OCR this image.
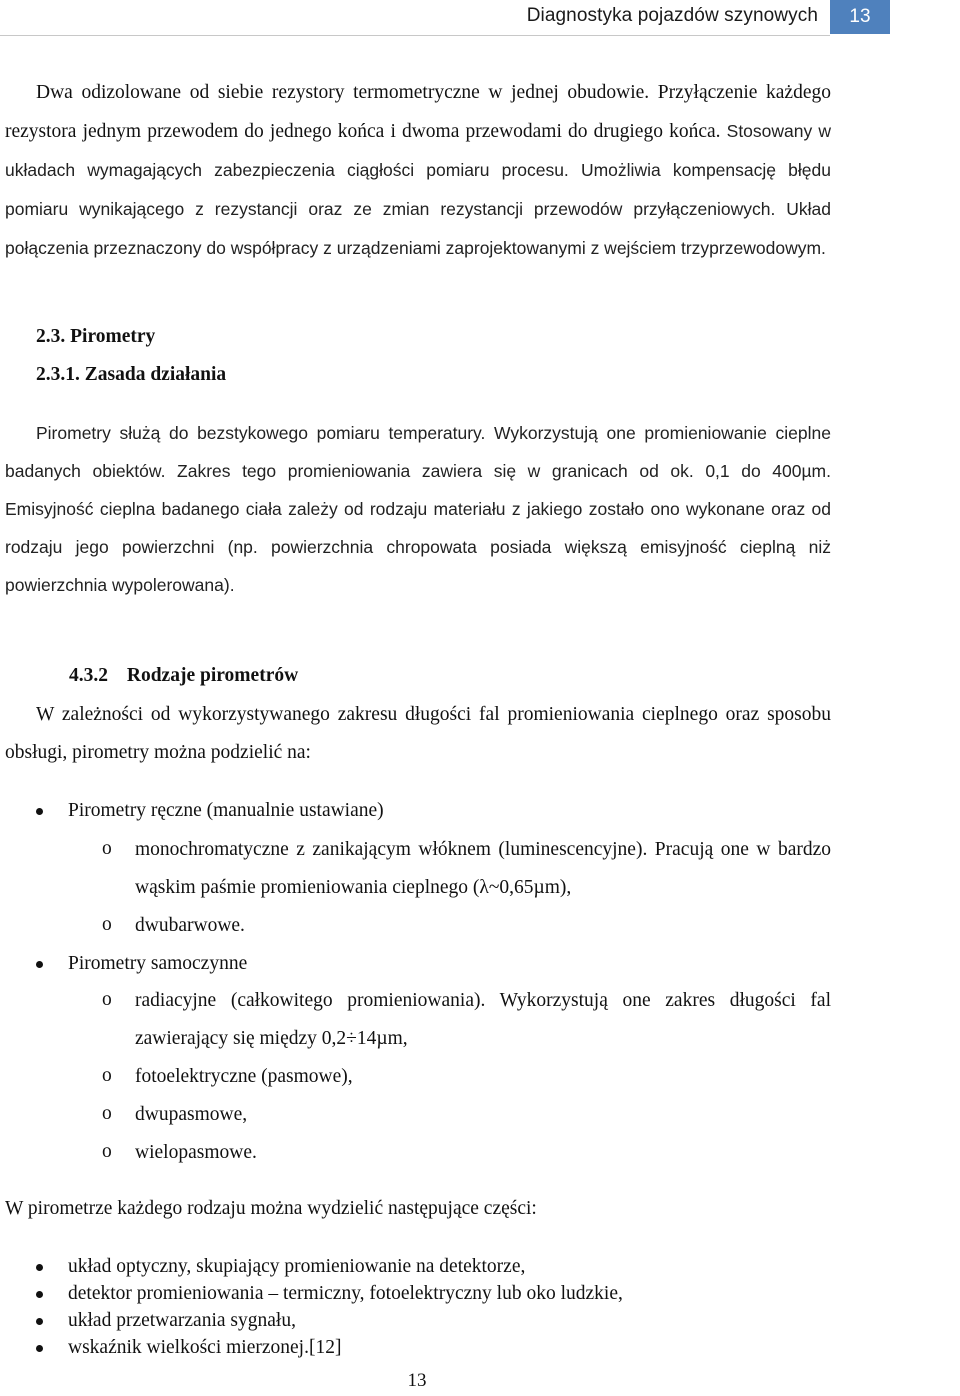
Diagnostyka pojazdów szynowych	13

Dwa odizolowane od siebie rezystory termometryczne w jednej obudowie. Przyłączenie każdego rezystora jednym przewodem do jednego końca i dwoma przewodami do drugiego końca. Stosowany w układach wymagających zabezpieczenia ciągłości pomiaru procesu. Umożliwia kompensację błędu pomiaru wynikającego z rezystancji oraz ze zmian rezystancji przewodów przyłączeniowych. Układ połączenia przeznaczony do współpracy z urządzeniami zaprojektowanymi z wejściem trzyprzewodowym.

2.3. Pirometry
2.3.1. Zasada działania

Pirometry służą do bezstykowego pomiaru temperatury. Wykorzystują one promieniowanie cieplne badanych obiektów. Zakres tego promieniowania zawiera się w granicach od ok. 0,1 do 400µm. Emisyjność cieplna badanego ciała zależy od rodzaju materiału z jakiego zostało ono wykonane oraz od rodzaju jego powierzchni (np. powierzchnia chropowata posiada większą emisyjność cieplną niż powierzchnia wypolerowana).

4.3.2 Rodzaje pirometrów

W zależności od wykorzystywanego zakresu długości fal promieniowania cieplnego oraz sposobu obsługi, pirometry można podzielić na:

Pirometry ręczne (manualnie ustawiane)
o monochromatyczne z zanikającym włóknem (luminescencyjne). Pracują one w bardzo wąskim paśmie promieniowania cieplnego (λ~0,65µm),
o dwubarwowe.
Pirometry samoczynne
o radiacyjne (całkowitego promieniowania). Wykorzystują one zakres długości fal zawierający się między 0,2÷14µm,
o fotoelektryczne (pasmowe),
o dwupasmowe,
o wielopasmowe.

W pirometrze każdego rodzaju można wydzielić następujące części:

układ optyczny, skupiający promieniowanie na detektorze,
detektor promieniowania – termiczny, fotoelektryczny lub oko ludzkie,
układ przetwarzania sygnału,
wskaźnik wielkości mierzonej.[12]
13
